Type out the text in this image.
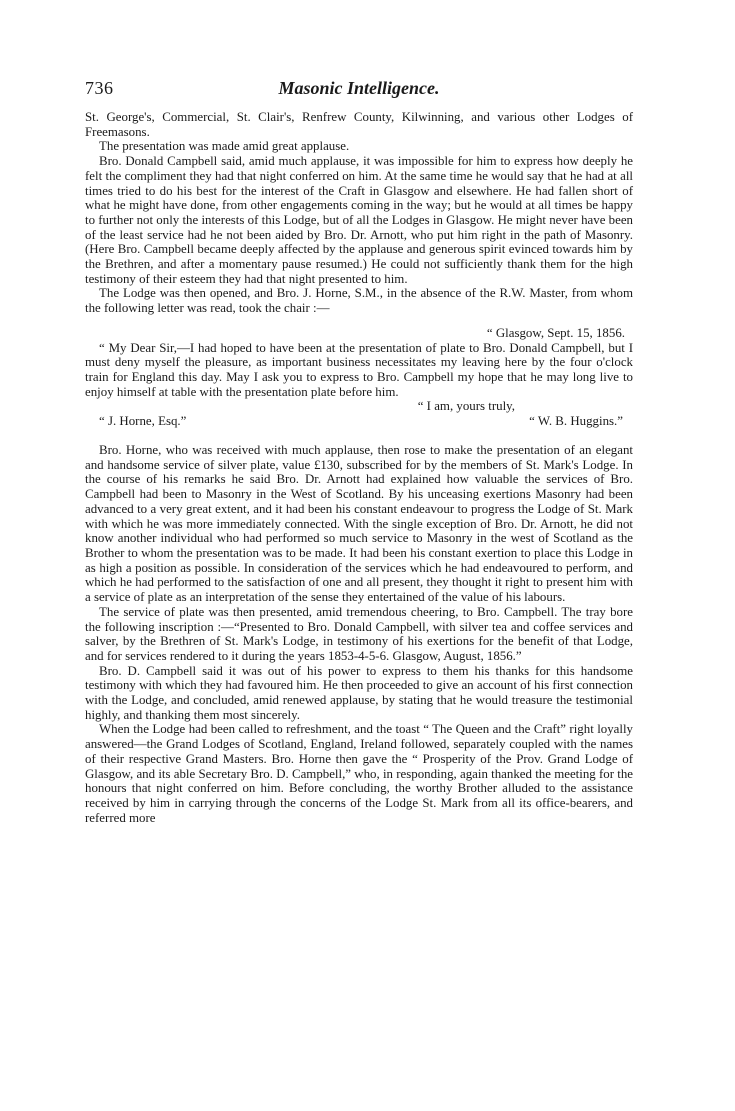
736	Masonic Intelligence.

St. George's, Commercial, St. Clair's, Renfrew County, Kilwinning, and various other Lodges of Freemasons.

The presentation was made amid great applause.

Bro. Donald Campbell said, amid much applause, it was impossible for him to express how deeply he felt the compliment they had that night conferred on him. At the same time he would say that he had at all times tried to do his best for the interest of the Craft in Glasgow and elsewhere. He had fallen short of what he might have done, from other engagements coming in the way; but he would at all times be happy to further not only the interests of this Lodge, but of all the Lodges in Glasgow. He might never have been of the least service had he not been aided by Bro. Dr. Arnott, who put him right in the path of Masonry. (Here Bro. Campbell became deeply affected by the applause and generous spirit evinced towards him by the Brethren, and after a momentary pause resumed.) He could not sufficiently thank them for the high testimony of their esteem they had that night presented to him.

The Lodge was then opened, and Bro. J. Horne, S.M., in the absence of the R.W. Master, from whom the following letter was read, took the chair :—

“ Glasgow, Sept. 15, 1856.

“ My Dear Sir,—I had hoped to have been at the presentation of plate to Bro. Donald Campbell, but I must deny myself the pleasure, as important business necessitates my leaving here by the four o'clock train for England this day. May I ask you to express to Bro. Campbell my hope that he may long live to enjoy himself at table with the presentation plate before him.

“ I am, yours truly,
“ J. Horne, Esq.”	“ W. B. Huggins.”

Bro. Horne, who was received with much applause, then rose to make the presentation of an elegant and handsome service of silver plate, value £130, subscribed for by the members of St. Mark's Lodge. In the course of his remarks he said Bro. Dr. Arnott had explained how valuable the services of Bro. Campbell had been to Masonry in the West of Scotland. By his unceasing exertions Masonry had been advanced to a very great extent, and it had been his constant endeavour to progress the Lodge of St. Mark with which he was more immediately connected. With the single exception of Bro. Dr. Arnott, he did not know another individual who had performed so much service to Masonry in the west of Scotland as the Brother to whom the presentation was to be made. It had been his constant exertion to place this Lodge in as high a position as possible. In consideration of the services which he had endeavoured to perform, and which he had performed to the satisfaction of one and all present, they thought it right to present him with a service of plate as an interpretation of the sense they entertained of the value of his labours.

The service of plate was then presented, amid tremendous cheering, to Bro. Campbell. The tray bore the following inscription :—“Presented to Bro. Donald Campbell, with silver tea and coffee services and salver, by the Brethren of St. Mark's Lodge, in testimony of his exertions for the benefit of that Lodge, and for services rendered to it during the years 1853-4-5-6. Glasgow, August, 1856.”

Bro. D. Campbell said it was out of his power to express to them his thanks for this handsome testimony with which they had favoured him. He then proceeded to give an account of his first connection with the Lodge, and concluded, amid renewed applause, by stating that he would treasure the testimonial highly, and thanking them most sincerely.

When the Lodge had been called to refreshment, and the toast “ The Queen and the Craft” right loyally answered—the Grand Lodges of Scotland, England, Ireland followed, separately coupled with the names of their respective Grand Masters. Bro. Horne then gave the “ Prosperity of the Prov. Grand Lodge of Glasgow, and its able Secretary Bro. D. Campbell,” who, in responding, again thanked the meeting for the honours that night conferred on him. Before concluding, the worthy Brother alluded to the assistance received by him in carrying through the concerns of the Lodge St. Mark from all its office-bearers, and referred more
